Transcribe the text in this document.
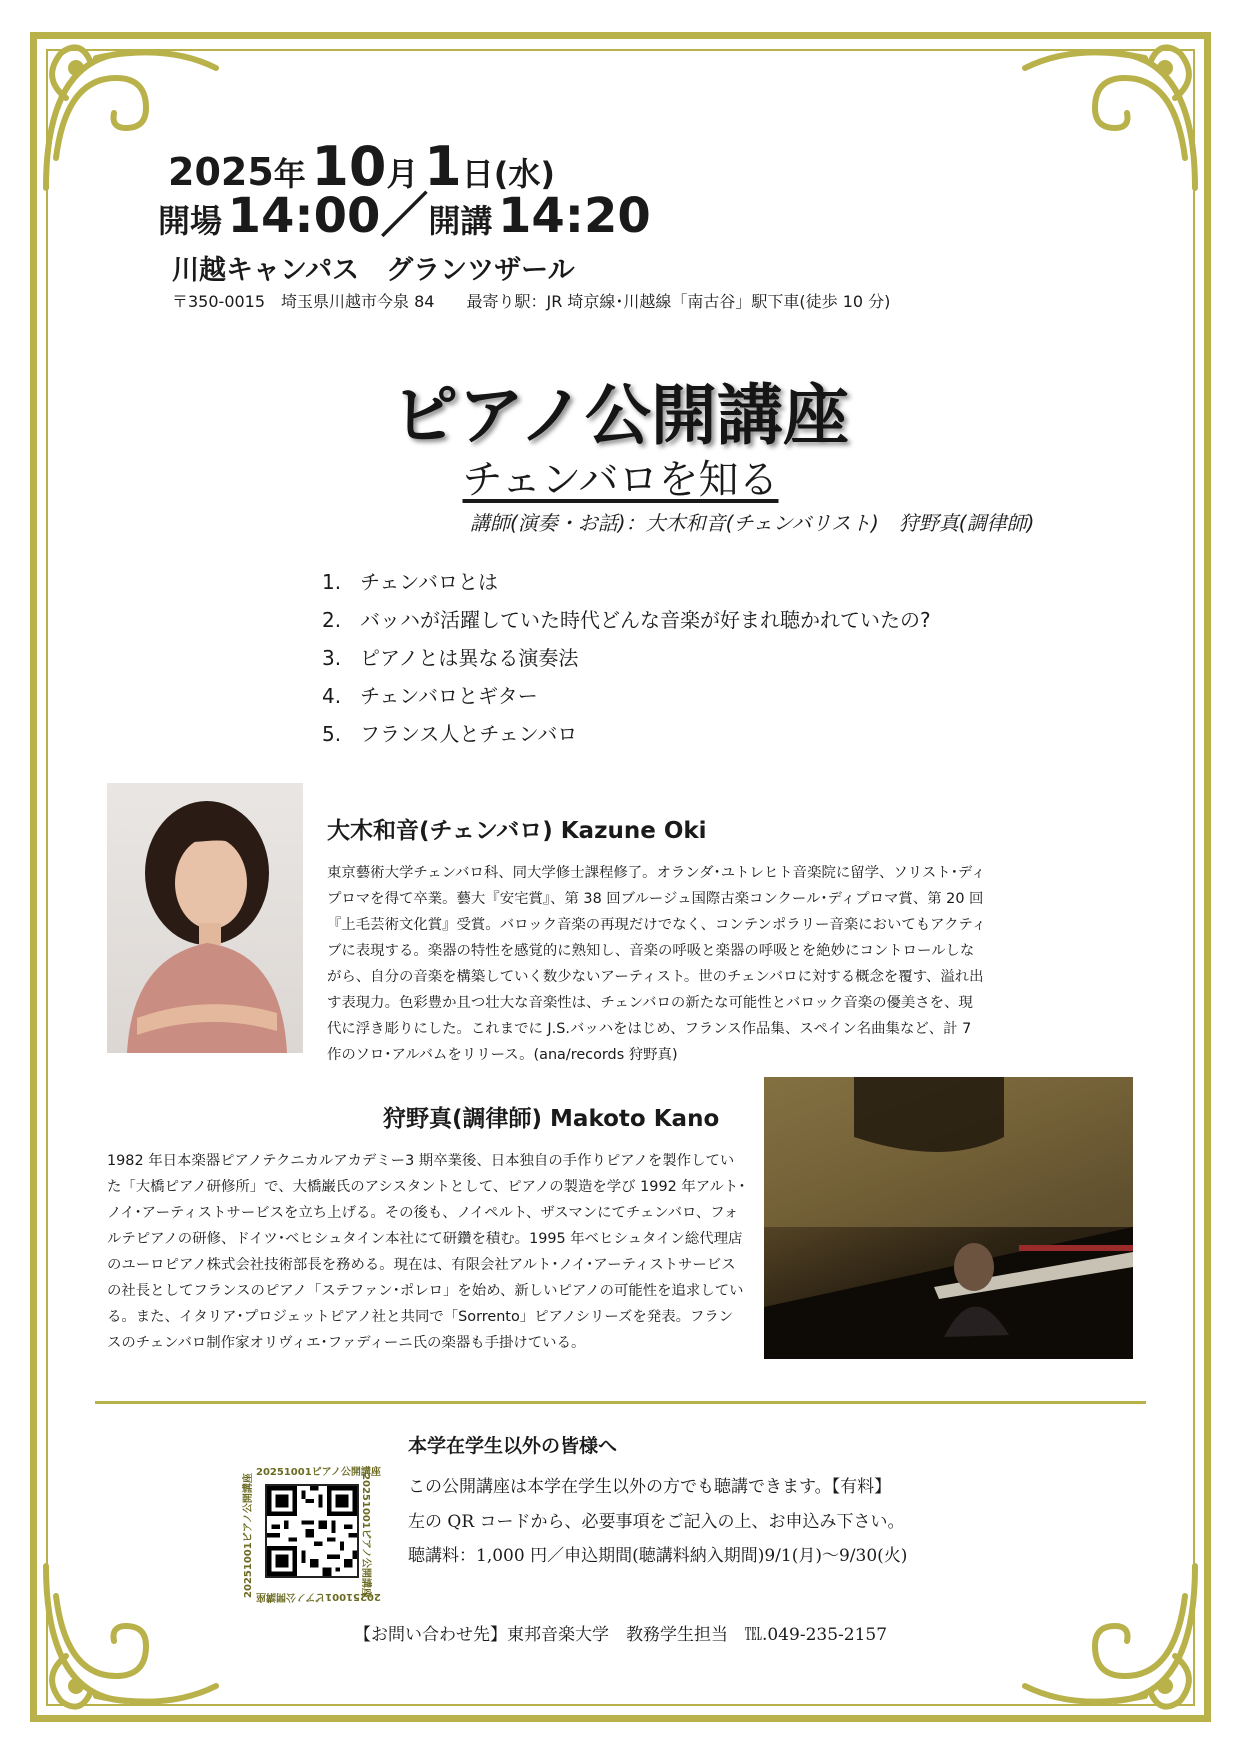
2025年 10月 1日(水)
開場 14:00／開講 14:20
川越キャンパス　グランツザール
〒350-0015　埼玉県川越市今泉 84　　最寄り駅：JR 埼京線･川越線「南古谷」駅下車(徒歩 10 分)
ピアノ公開講座
チェンバロを知る
講師(演奏・お話)：大木和音(チェンバリスト)　狩野真(調律師)
1. チェンバロとは
2. バッハが活躍していた時代どんな音楽が好まれ聴かれていたの?
3. ピアノとは異なる演奏法
4. チェンバロとギター
5. フランス人とチェンバロ
大木和音(チェンバロ) Kazune Oki
東京藝術大学チェンバロ科、同大学修士課程修了。オランダ･ユトレヒト音楽院に留学、ソリスト･ディプロマを得て卒業。藝大『安宅賞』、第 38 回ブルージュ国際古楽コンクール･ディプロマ賞、第 20 回『上毛芸術文化賞』受賞。バロック音楽の再現だけでなく、コンテンポラリー音楽においてもアクティブに表現する。楽器の特性を感覚的に熟知し、音楽の呼吸と楽器の呼吸とを絶妙にコントロールしながら、自分の音楽を構築していく数少ないアーティスト。世のチェンバロに対する概念を覆す、溢れ出す表現力。色彩豊か且つ壮大な音楽性は、チェンバロの新たな可能性とバロック音楽の優美さを、現代に浮き彫りにした。これまでに J.S.バッハをはじめ、フランス作品集、スペイン名曲集など、計 7 作のソロ･アルバムをリリース。(ana/records 狩野真)
狩野真(調律師) Makoto Kano
1982 年日本楽器ピアノテクニカルアカデミー3 期卒業後、日本独自の手作りピアノを製作していた「大橋ピアノ研修所」で、大橋巌氏のアシスタントとして、ピアノの製造を学び 1992 年アルト･ノイ･アーティストサービスを立ち上げる。その後も、ノイペルト、ザスマンにてチェンバロ、フォルテピアノの研修、ドイツ･ベヒシュタイン本社にて研鑽を積む。1995 年ベヒシュタイン総代理店のユーロピアノ株式会社技術部長を務める。現在は、有限会社アルト･ノイ･アーティストサービスの社長としてフランスのピアノ「ステファン･ポレロ」を始め、新しいピアノの可能性を追求している。また、イタリア･プロジェットピアノ社と共同で「Sorrento」ピアノシリーズを発表。フランスのチェンバロ制作家オリヴィエ･ファディーニ氏の楽器も手掛けている。
20251001ピアノ公開講座
20251001ピアノ公開講座
20251001ピアノ公開講座	20251001ピアノ公開講座
本学在学生以外の皆様へ
この公開講座は本学在学生以外の方でも聴講できます。【有料】
左の QR コードから、必要事項をご記入の上、お申込み下さい。
聴講料：1,000 円／申込期間(聴講料納入期間)9/1(月)～9/30(火)
【お問い合わせ先】東邦音楽大学　教務学生担当　℡.049-235-2157
